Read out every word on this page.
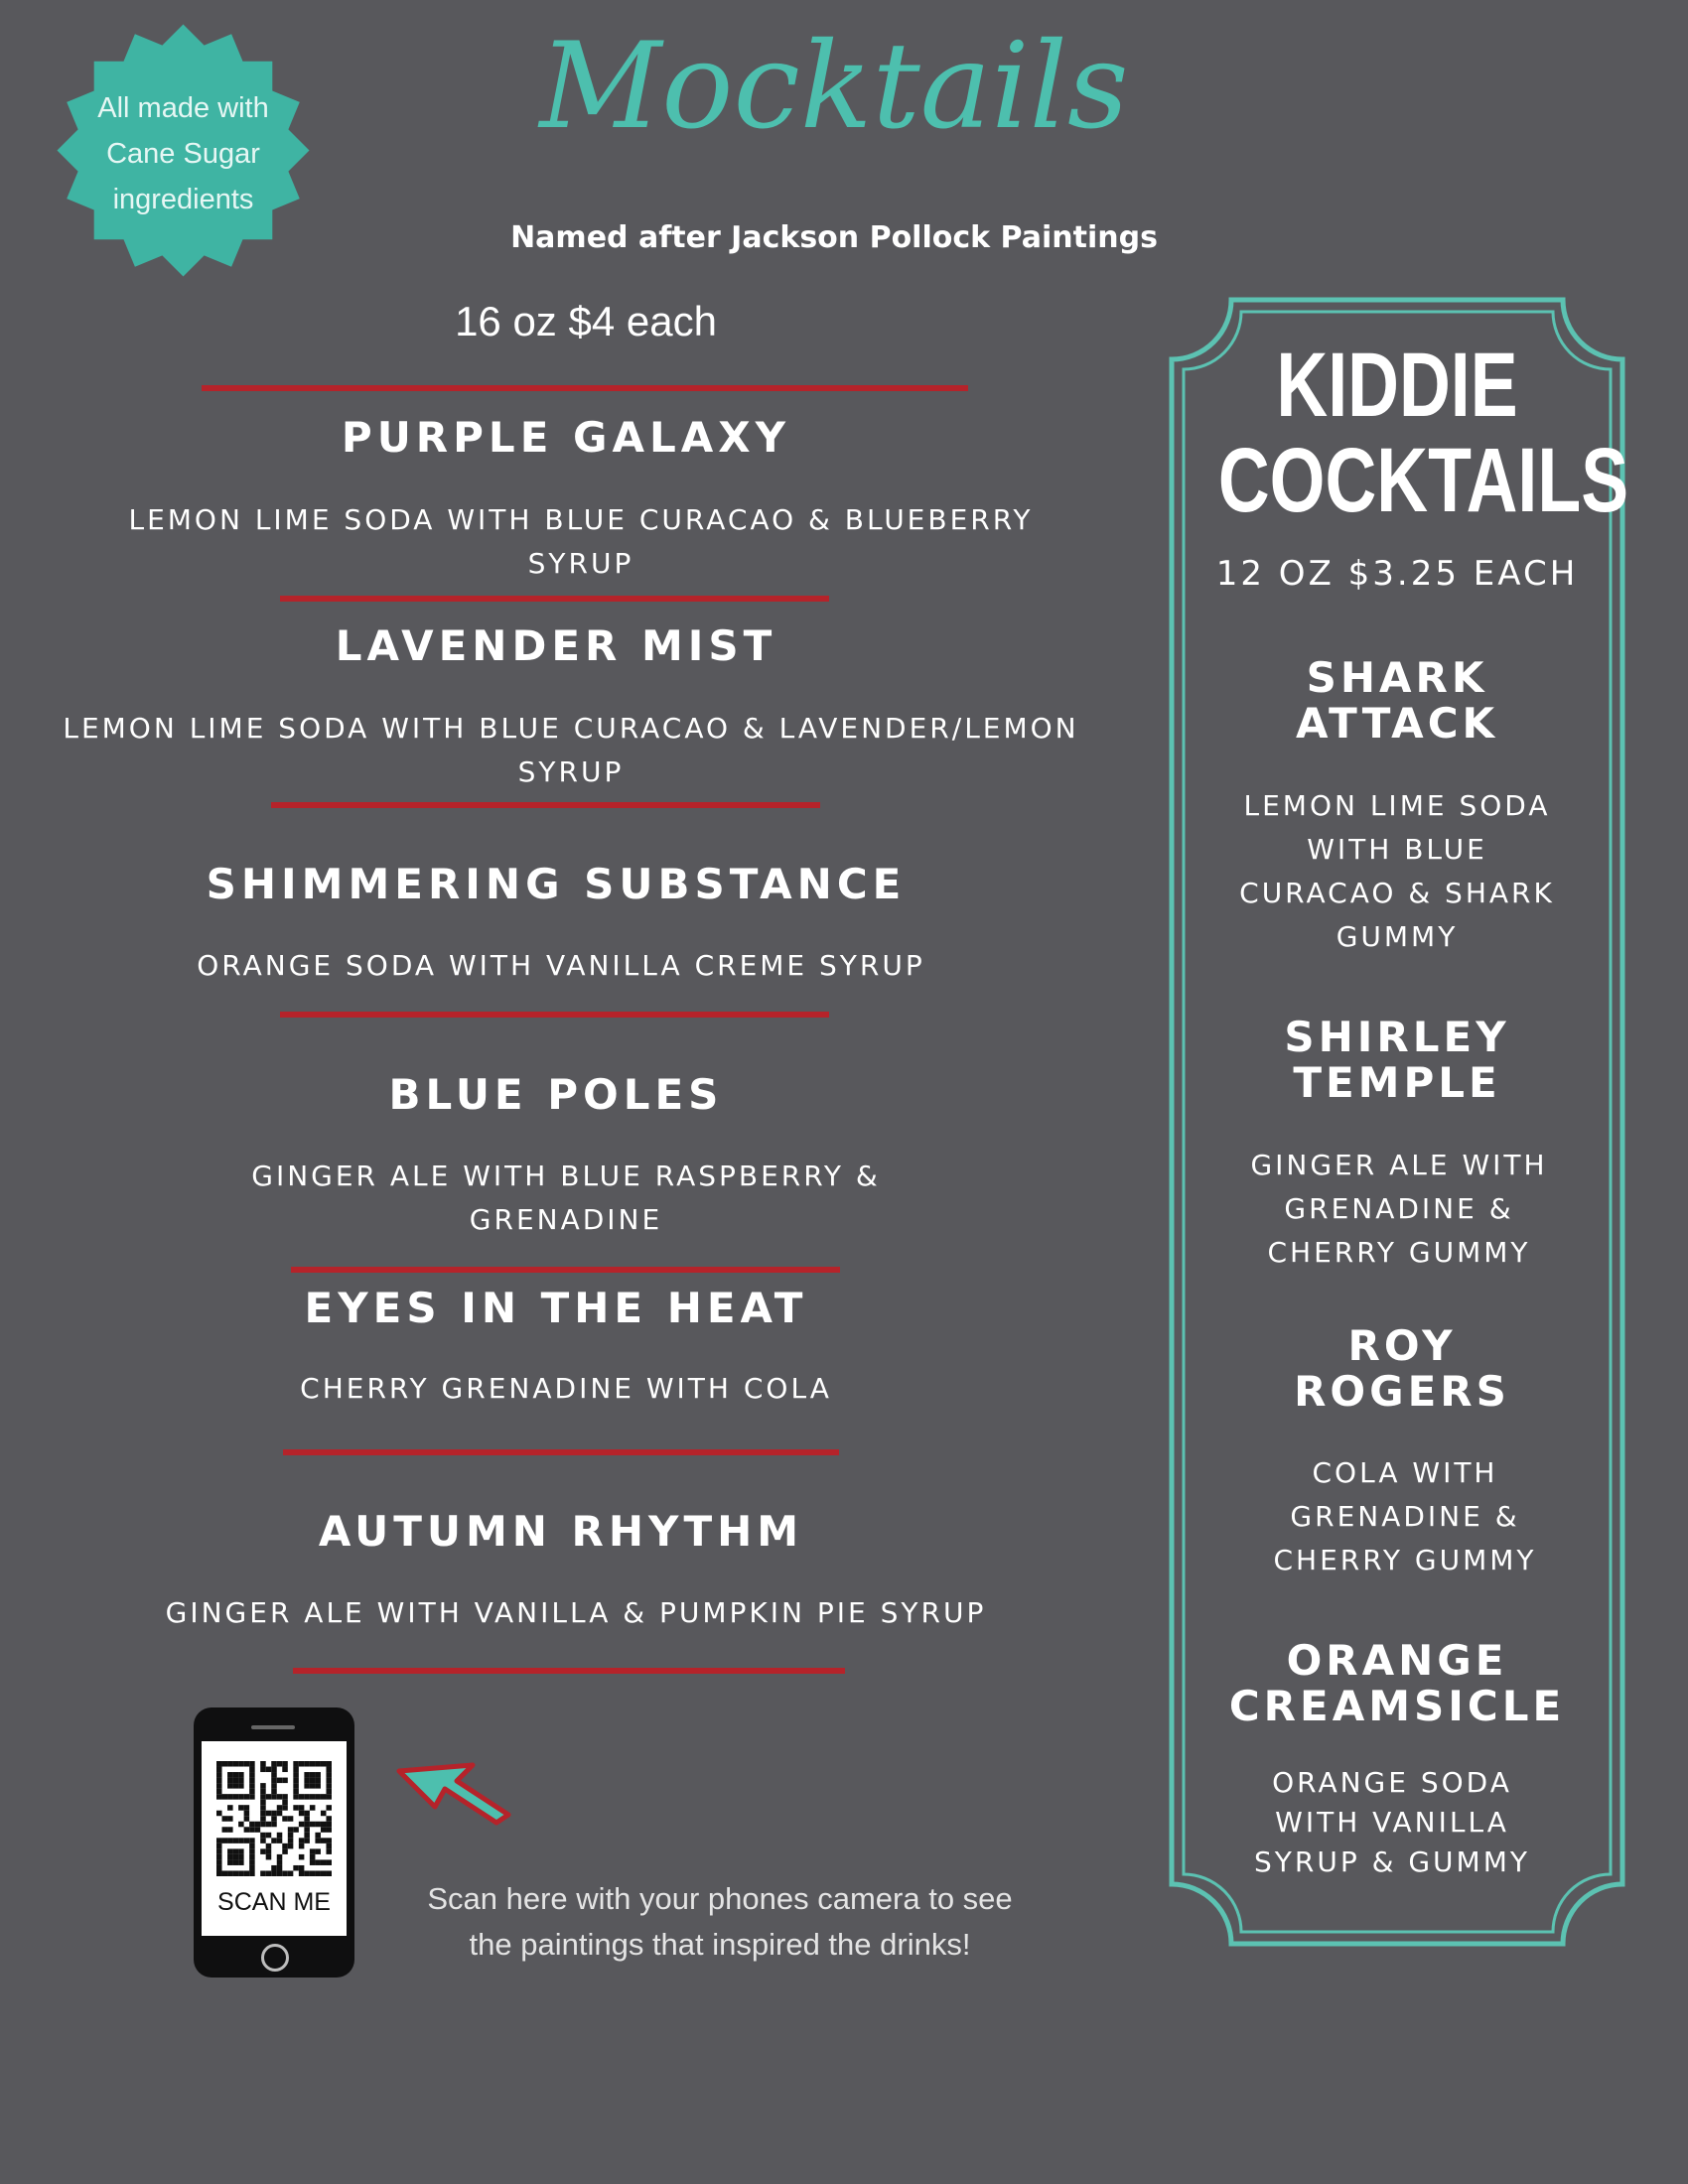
All made with
Cane Sugar
ingredients
Mocktails
Named after Jackson Pollock Paintings
16 oz $4 each
PURPLE GALAXY
LEMON LIME SODA WITH BLUE CURACAO & BLUEBERRY SYRUP
LAVENDER MIST
LEMON LIME SODA WITH BLUE CURACAO & LAVENDER/LEMON SYRUP
SHIMMERING SUBSTANCE
ORANGE SODA WITH VANILLA CREME SYRUP
BLUE POLES
GINGER ALE WITH BLUE RASPBERRY & GRENADINE
EYES IN THE HEAT
CHERRY GRENADINE WITH COLA
AUTUMN RHYTHM
GINGER ALE WITH VANILLA & PUMPKIN PIE SYRUP
KIDDIE COCKTAILS
12 OZ $3.25 EACH
SHARK ATTACK
LEMON LIME SODA WITH BLUE CURACAO & SHARK GUMMY
SHIRLEY TEMPLE
GINGER ALE WITH GRENADINE & CHERRY GUMMY
ROY ROGERS
COLA WITH GRENADINE & CHERRY GUMMY
ORANGE CREAMSICLE
ORANGE SODA WITH VANILLA SYRUP & GUMMY
SCAN ME	Scan here with your phones camera to see
the paintings that inspired the drinks!
